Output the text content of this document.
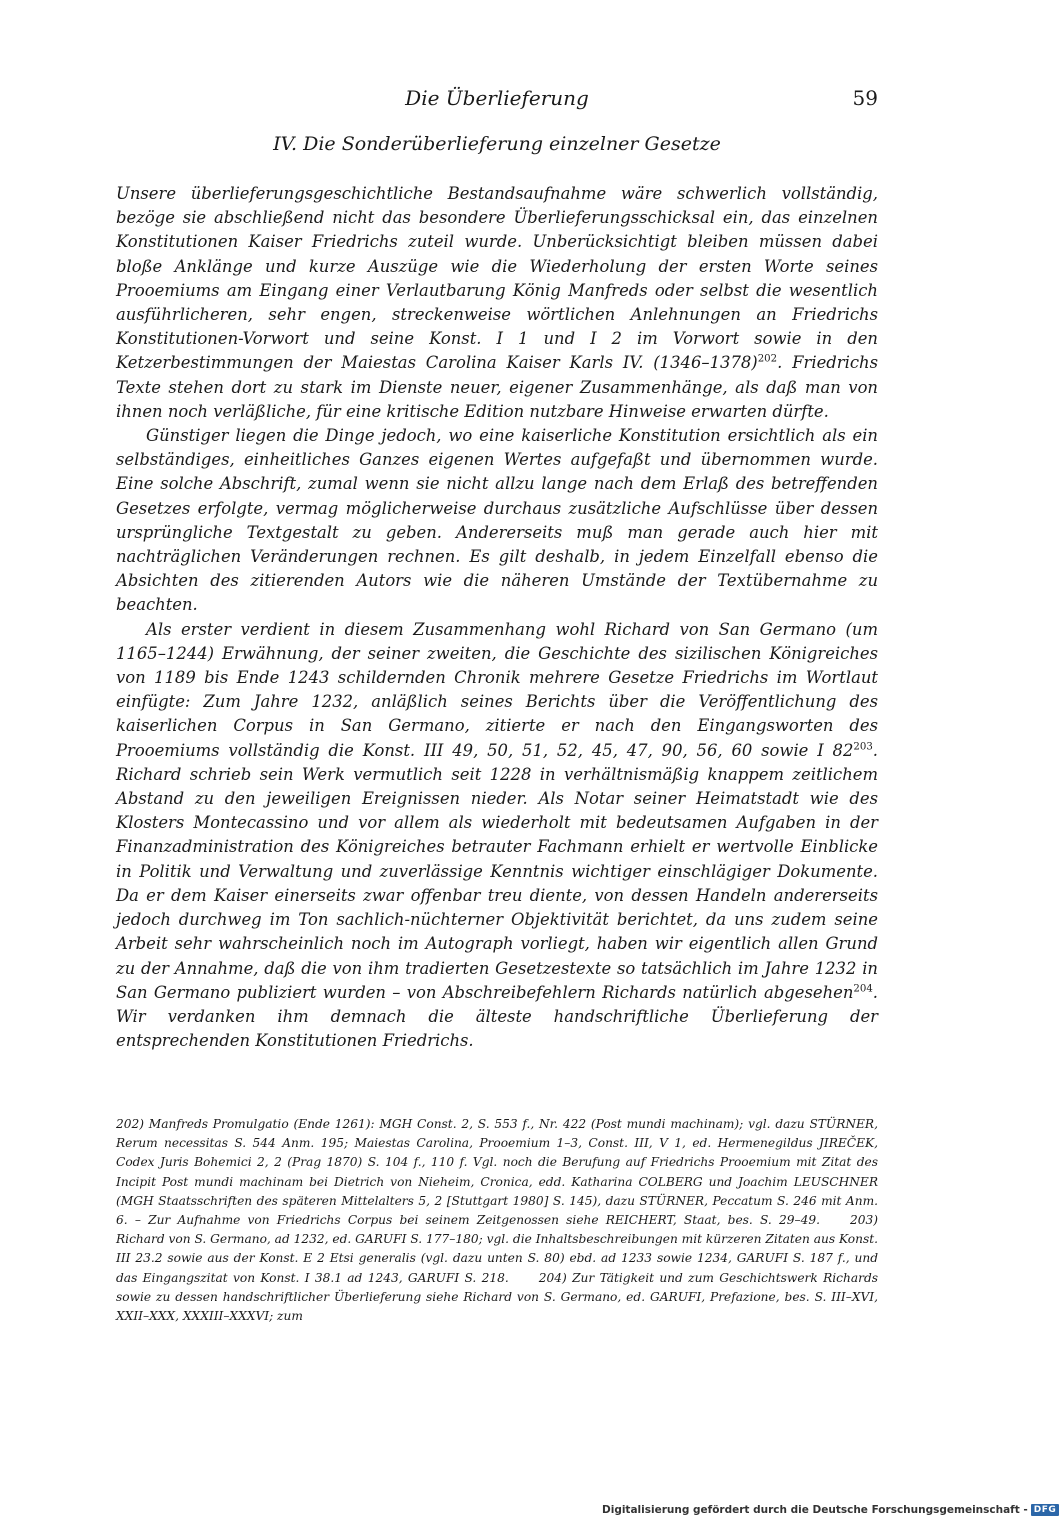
Die Überlieferung	59
IV. Die Sonderüberlieferung einzelner Gesetze

Unsere überlieferungsgeschichtliche Bestandsaufnahme wäre schwerlich vollständig, bezöge sie abschließend nicht das besondere Überlieferungsschicksal ein, das einzelnen Konstitutionen Kaiser Friedrichs zuteil wurde. Unberücksichtigt bleiben müssen dabei bloße Anklänge und kurze Auszüge wie die Wiederholung der ersten Worte seines Prooemiums am Eingang einer Verlautbarung König Manfreds oder selbst die wesentlich ausführlicheren, sehr engen, streckenweise wörtlichen Anlehnungen an Friedrichs Konstitutionen-Vorwort und seine Konst. I 1 und I 2 im Vorwort sowie in den Ketzerbestimmungen der Maiestas Carolina Kaiser Karls IV. (1346–1378)$^{202}$. Friedrichs Texte stehen dort zu stark im Dienste neuer, eigener Zusammenhänge, als daß man von ihnen noch verläßliche, für eine kritische Edition nutzbare Hinweise erwarten dürfte.

Günstiger liegen die Dinge jedoch, wo eine kaiserliche Konstitution ersichtlich als ein selbständiges, einheitliches Ganzes eigenen Wertes aufgefaßt und übernommen wurde. Eine solche Abschrift, zumal wenn sie nicht allzu lange nach dem Erlaß des betreffenden Gesetzes erfolgte, vermag möglicherweise durchaus zusätzliche Aufschlüsse über dessen ursprüngliche Textgestalt zu geben. Andererseits muß man gerade auch hier mit nachträglichen Veränderungen rechnen. Es gilt deshalb, in jedem Einzelfall ebenso die Absichten des zitierenden Autors wie die näheren Umstände der Textübernahme zu beachten.

Als erster verdient in diesem Zusammenhang wohl Richard von San Germano (um 1165–1244) Erwähnung, der seiner zweiten, die Geschichte des sizilischen Königreiches von 1189 bis Ende 1243 schildernden Chronik mehrere Gesetze Friedrichs im Wortlaut einfügte: Zum Jahre 1232, anläßlich seines Berichts über die Veröffentlichung des kaiserlichen Corpus in San Germano, zitierte er nach den Eingangsworten des Prooemiums vollständig die Konst. III 49, 50, 51, 52, 45, 47, 90, 56, 60 sowie I $82^{203}$. Richard schrieb sein Werk vermutlich seit 1228 in verhältnismäßig knappem zeitlichem Abstand zu den jeweiligen Ereignissen nieder. Als Notar seiner Heimatstadt wie des Klosters Montecassino und vor allem als wiederholt mit bedeutsamen Aufgaben in der Finanzadministration des Königreiches betrauter Fachmann erhielt er wertvolle Einblicke in Politik und Verwaltung und zuverlässige Kenntnis wichtiger einschlägiger Dokumente. Da er dem Kaiser einerseits zwar offenbar treu diente, von dessen Handeln andererseits jedoch durchweg im Ton sachlich-nüchterner Objektivität berichtet, da uns zudem seine Arbeit sehr wahrscheinlich noch im Autograph vorliegt, haben wir eigentlich allen Grund zu der Annahme, daß die von ihm tradierten Gesetzestexte so tatsächlich im Jahre 1232 in San Germano publiziert wurden – von Abschreibefehlern Richards natürlich abgesehen$^{204}$. Wir verdanken ihm demnach die älteste handschriftliche Überlieferung der entsprechenden Konstitutionen Friedrichs.

202) Manfreds Promulgatio (Ende 1261): MGH Const. 2, S. 553 f., Nr. 422 (Post mundi machinam); vgl. dazu STÜRNER, Rerum necessitas S. 544 Anm. 195; Maiestas Carolina, Prooemium 1–3, Const. III, V 1, ed. Hermenegildus JIREČEK, Codex Juris Bohemici 2, 2 (Prag 1870) S. 104 f., 110 f. Vgl. noch die Berufung auf Friedrichs Prooemium mit Zitat des Incipit Post mundi machinam bei Dietrich von Nieheim, Cronica, edd. Katharina COLBERG und Joachim LEUSCHNER (MGH Staatsschriften des späteren Mittelalters 5, 2 [Stuttgart 1980] S. 145), dazu STÜRNER, Peccatum S. 246 mit Anm. 6. – Zur Aufnahme von Friedrichs Corpus bei seinem Zeitgenossen siehe REICHERT, Staat, bes. S. 29–49. 203) Richard von S. Germano, ad 1232, ed. GARUFI S. 177–180; vgl. die Inhaltsbeschreibungen mit kürzeren Zitaten aus Konst. III 23.2 sowie aus der Konst. E 2 Etsi generalis (vgl. dazu unten S. 80) ebd. ad 1233 sowie 1234, GARUFI S. 187 f., und das Eingangszitat von Konst. I 38.1 ad 1243, GARUFI S. 218. 204) Zur Tätigkeit und zum Geschichtswerk Richards sowie zu dessen handschriftlicher Überlieferung siehe Richard von S. Germano, ed. GARUFI, Prefazione, bes. S. III–XVI, XXII–XXX, XXXIII–XXXVI; zum

Digitalisierung gefördert durch die Deutsche Forschungsgemeinschaft - DFG
